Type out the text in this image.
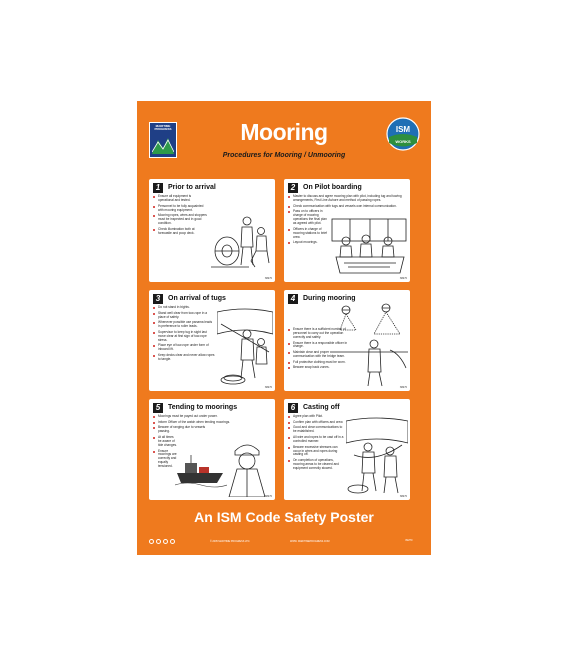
MARITIME PROGRESS	ISM
WORKS
Mooring
Procedures for Mooring / Unmooring
1	Prior to arrival
Ensure all equipment is operational and tested.
Personnel to be fully acquainted with mooring equipment.
Mooring ropes, wires and stoppers must be inspected and in good condition.
Check illumination both at forecastle and poop deck.
ISM70
2	On Pilot boarding
Master to discuss and agree mooring plan with pilot, including tug and towing arrangements, First Line Ashore and method of passing ropes.
Check communication with tugs and vessels own internal communication.
Pass on to officers in charge of mooring operations the final plan as agreed with pilot.
Officers in charge of mooring stations to brief crew.
Layout moorings.
ISM70
3	On arrival of tugs
Do not stand in bights.
Stand well clear from tow-rope in a place of safety.
Whenever possible use panama leads in preference to roller leads.
Supervisor to keep tug in sight last move clear at first sign of tow-rope stress.
Place eye of tow-rope under form of inboard lift.
Keep decks clear and never allow ropes to tangle.
ISM70
4	During mooring
Ensure there is a sufficient number of personnel to carry out the operation correctly and safely.
Ensure there is a responsible officer in charge.
Maintain clear and proper communication with the bridge team.
Full protective clothing must be worn.
Beware snap back zones.
ISM70
5	Tending to moorings
Moorings must be payed out under power.
Inform Officer of the watch when tending moorings.
Beware of ranging due to vessels passing.
At all times be aware of tide changes.
Ensure moorings are correctly and equally tensioned.
ISM70
6	Casting off
Agree plan with Pilot.
Confirm plan with officers and crew.
Good and clear communications to be established.
All wire and ropes to be cast off in a controlled manner.
Beware excessive stresses can occur in wires and ropes during casting off.
On completion of operations, mooring areas to be cleared and equipment correctly stowed.
ISM70
An ISM Code Safety Poster
© 2005 MARITIME PROGRESS LTD.	WWW. MARITIMEPROGRESS.COM	ISM70
